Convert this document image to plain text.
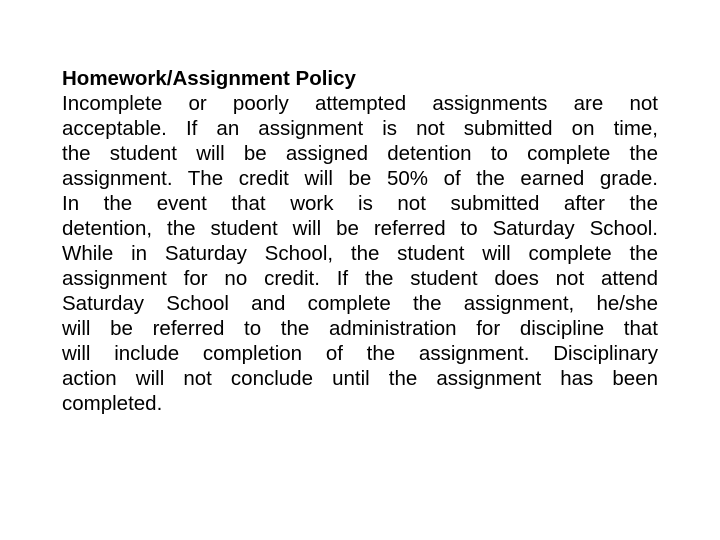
Homework/Assignment Policy
Incomplete or poorly attempted assignments are not
acceptable. If an assignment is not submitted on time,
the student will be assigned detention to complete the
assignment. The credit will be 50% of the earned grade.
In the event that work is not submitted after the
detention, the student will be referred to Saturday School.
While in Saturday School, the student will complete the
assignment for no credit. If the student does not attend
Saturday School and complete the assignment, he/she
will be referred to the administration for discipline that
will include completion of the assignment. Disciplinary
action will not conclude until the assignment has been
completed.
